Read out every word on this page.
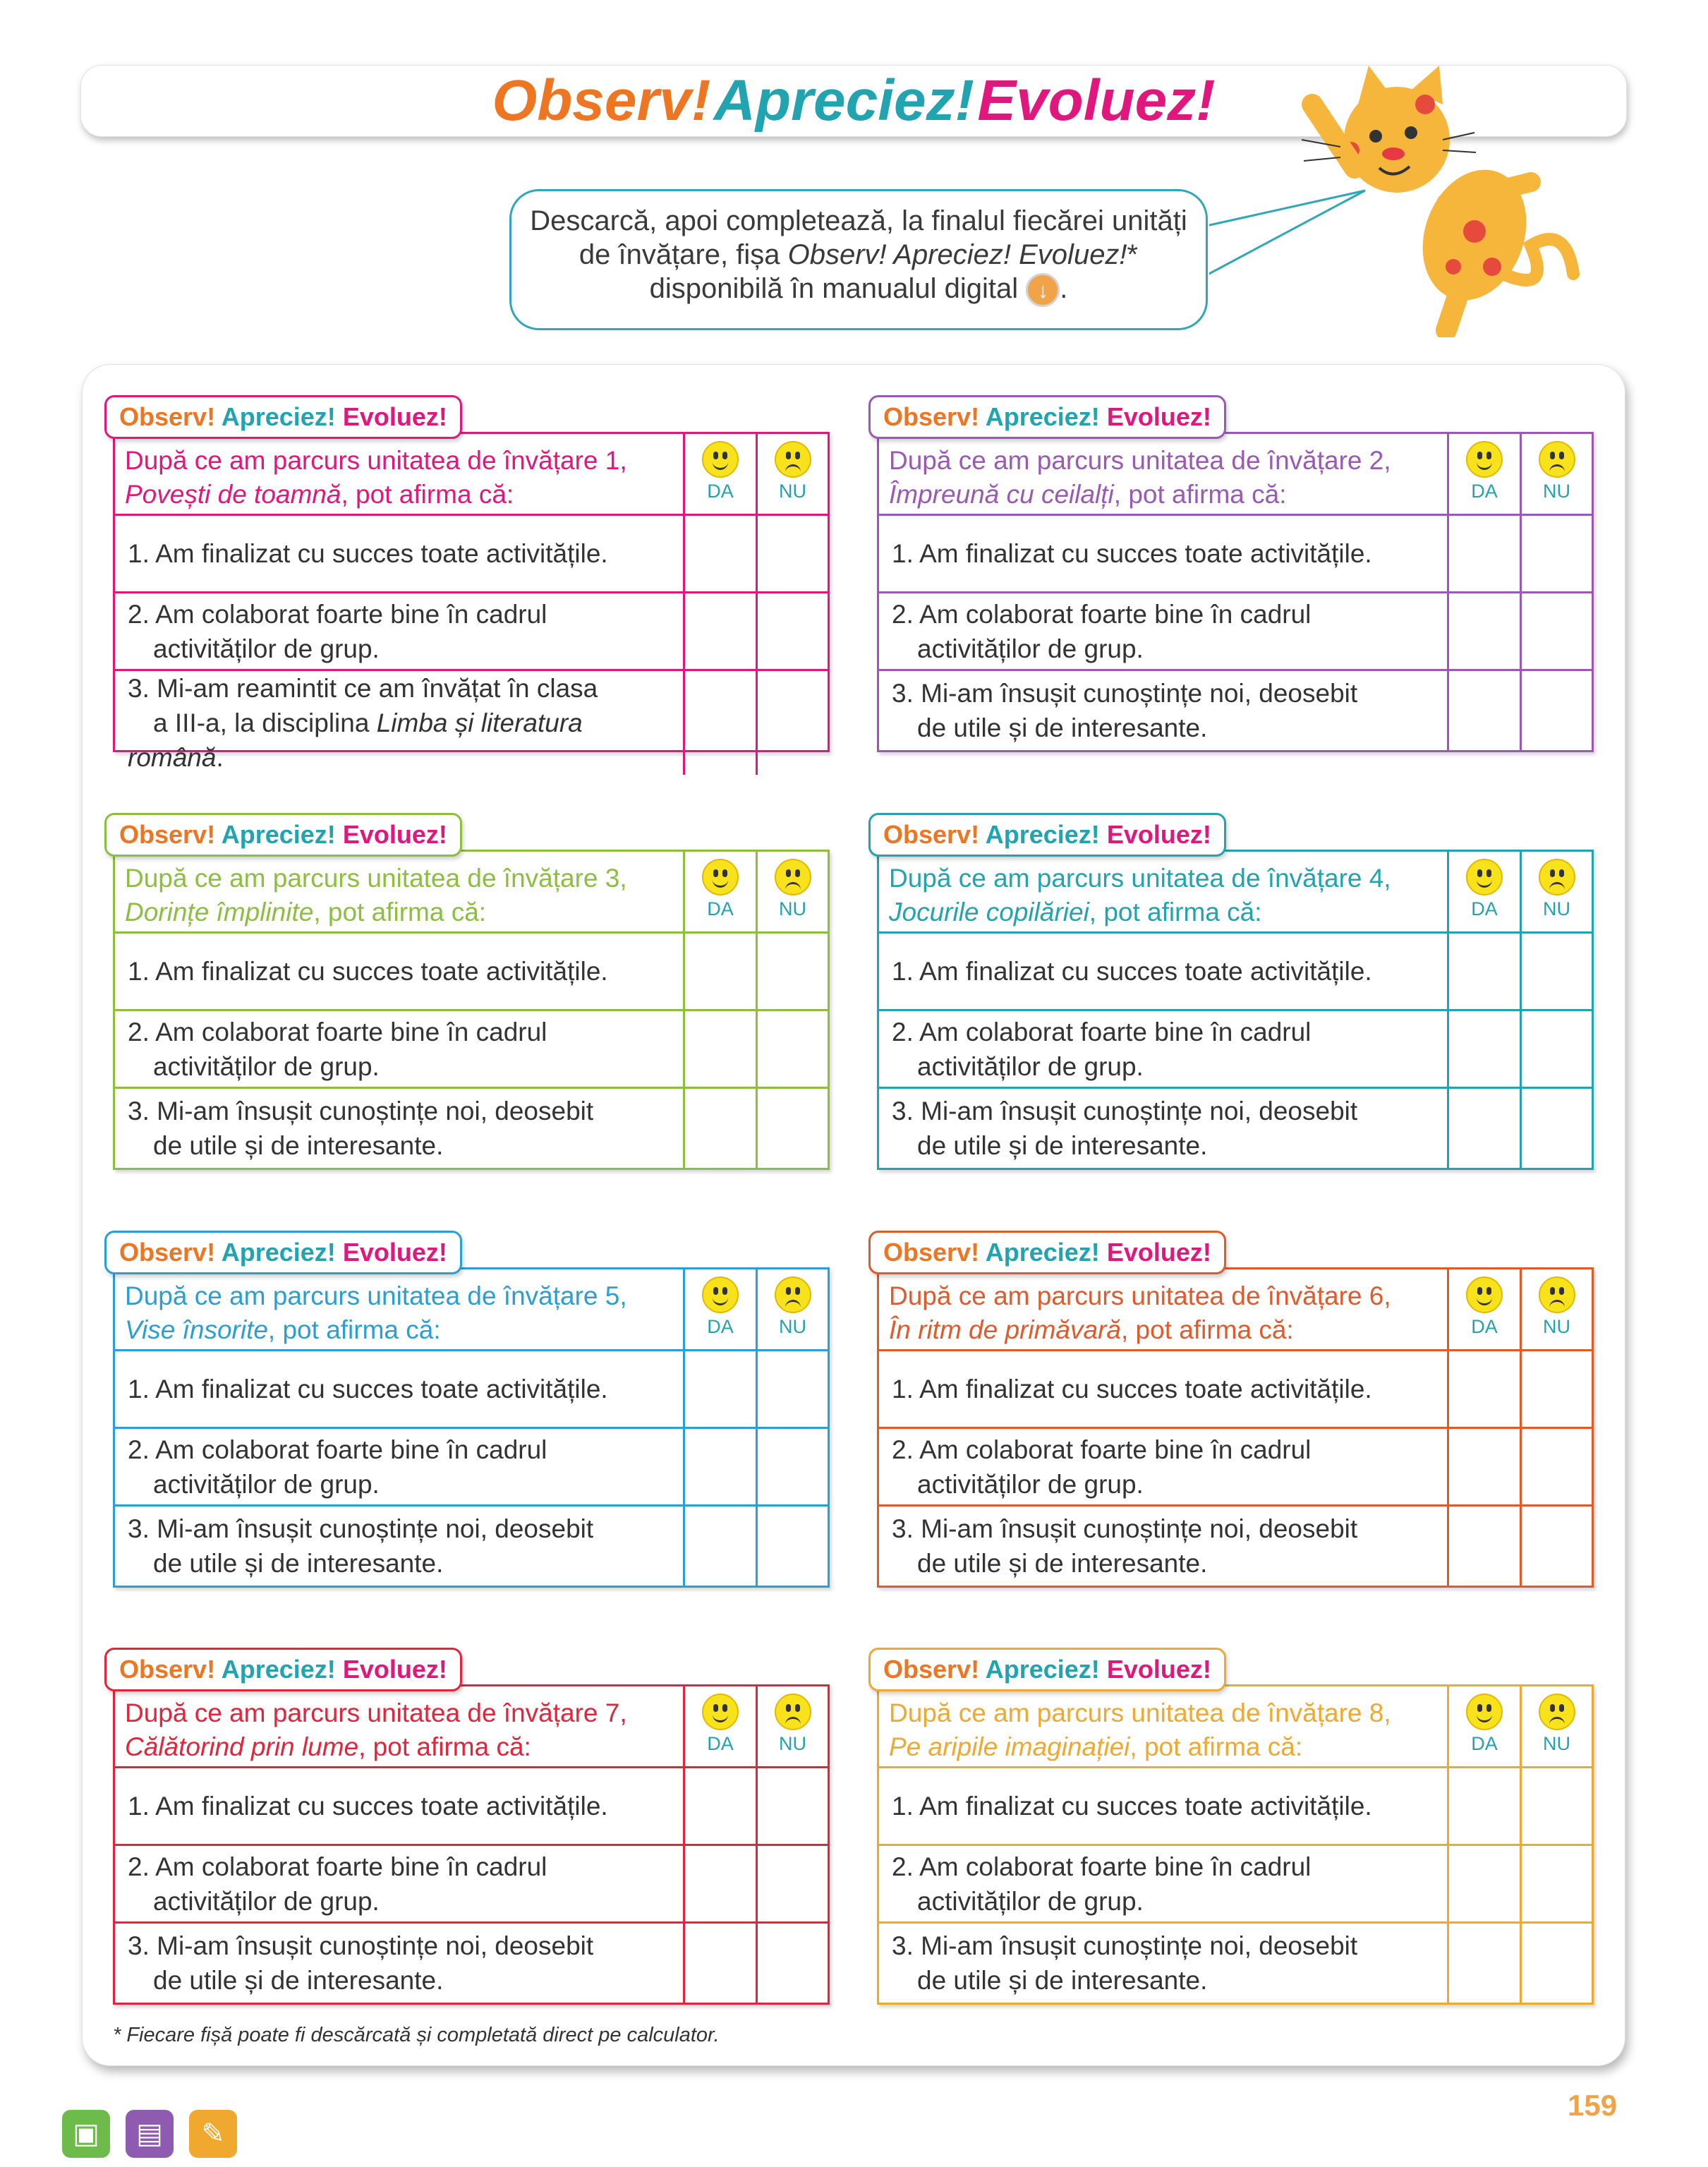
Observ! Apreciez! Evoluez!
Descarcă, apoi completează, la finalul fiecărei unități
de învățare, fișa Observ! Apreciez! Evoluez!*
disponibilă în manualul digital ↓ .
Observ! Apreciez! Evoluez!
După ce am parcurs unitatea de învățare 1,
Povești de toamnă, pot afirma că:	DA NU
1. Am finalizat cu succes toate activitățile.
2. Am colaborat foarte bine în cadrul
activităților de grup.
3. Mi-am reamintit ce am învățat în clasa
a III-a, la disciplina Limba și literatura română.
Observ! Apreciez! Evoluez!
După ce am parcurs unitatea de învățare 2,
Împreună cu ceilalți, pot afirma că:	DA NU
1. Am finalizat cu succes toate activitățile.
2. Am colaborat foarte bine în cadrul
activităților de grup.
3. Mi-am însușit cunoștințe noi, deosebit
de utile și de interesante.
Observ! Apreciez! Evoluez!
După ce am parcurs unitatea de învățare 3,
Dorințe împlinite, pot afirma că:	DA NU
1. Am finalizat cu succes toate activitățile.
2. Am colaborat foarte bine în cadrul
activităților de grup.
3. Mi-am însușit cunoștințe noi, deosebit
de utile și de interesante.
Observ! Apreciez! Evoluez!
După ce am parcurs unitatea de învățare 4,
Jocurile copilăriei, pot afirma că:	DA NU
1. Am finalizat cu succes toate activitățile.
2. Am colaborat foarte bine în cadrul
activităților de grup.
3. Mi-am însușit cunoștințe noi, deosebit
de utile și de interesante.
Observ! Apreciez! Evoluez!
După ce am parcurs unitatea de învățare 5,
Vise însorite, pot afirma că:	DA NU
1. Am finalizat cu succes toate activitățile.
2. Am colaborat foarte bine în cadrul
activităților de grup.
3. Mi-am însușit cunoștințe noi, deosebit
de utile și de interesante.
Observ! Apreciez! Evoluez!
După ce am parcurs unitatea de învățare 6,
În ritm de primăvară, pot afirma că:	DA NU
1. Am finalizat cu succes toate activitățile.
2. Am colaborat foarte bine în cadrul
activităților de grup.
3. Mi-am însușit cunoștințe noi, deosebit
de utile și de interesante.
Observ! Apreciez! Evoluez!
După ce am parcurs unitatea de învățare 7,
Călătorind prin lume, pot afirma că:	DA NU
1. Am finalizat cu succes toate activitățile.
2. Am colaborat foarte bine în cadrul
activităților de grup.
3. Mi-am însușit cunoștințe noi, deosebit
de utile și de interesante.
Observ! Apreciez! Evoluez!
După ce am parcurs unitatea de învățare 8,
Pe aripile imaginației, pot afirma că:	DA NU
1. Am finalizat cu succes toate activitățile.
2. Am colaborat foarte bine în cadrul
activităților de grup.
3. Mi-am însușit cunoștințe noi, deosebit
de utile și de interesante.
* Fiecare fișă poate fi descărcată și completată direct pe calculator.
▣	▤	✎
159
